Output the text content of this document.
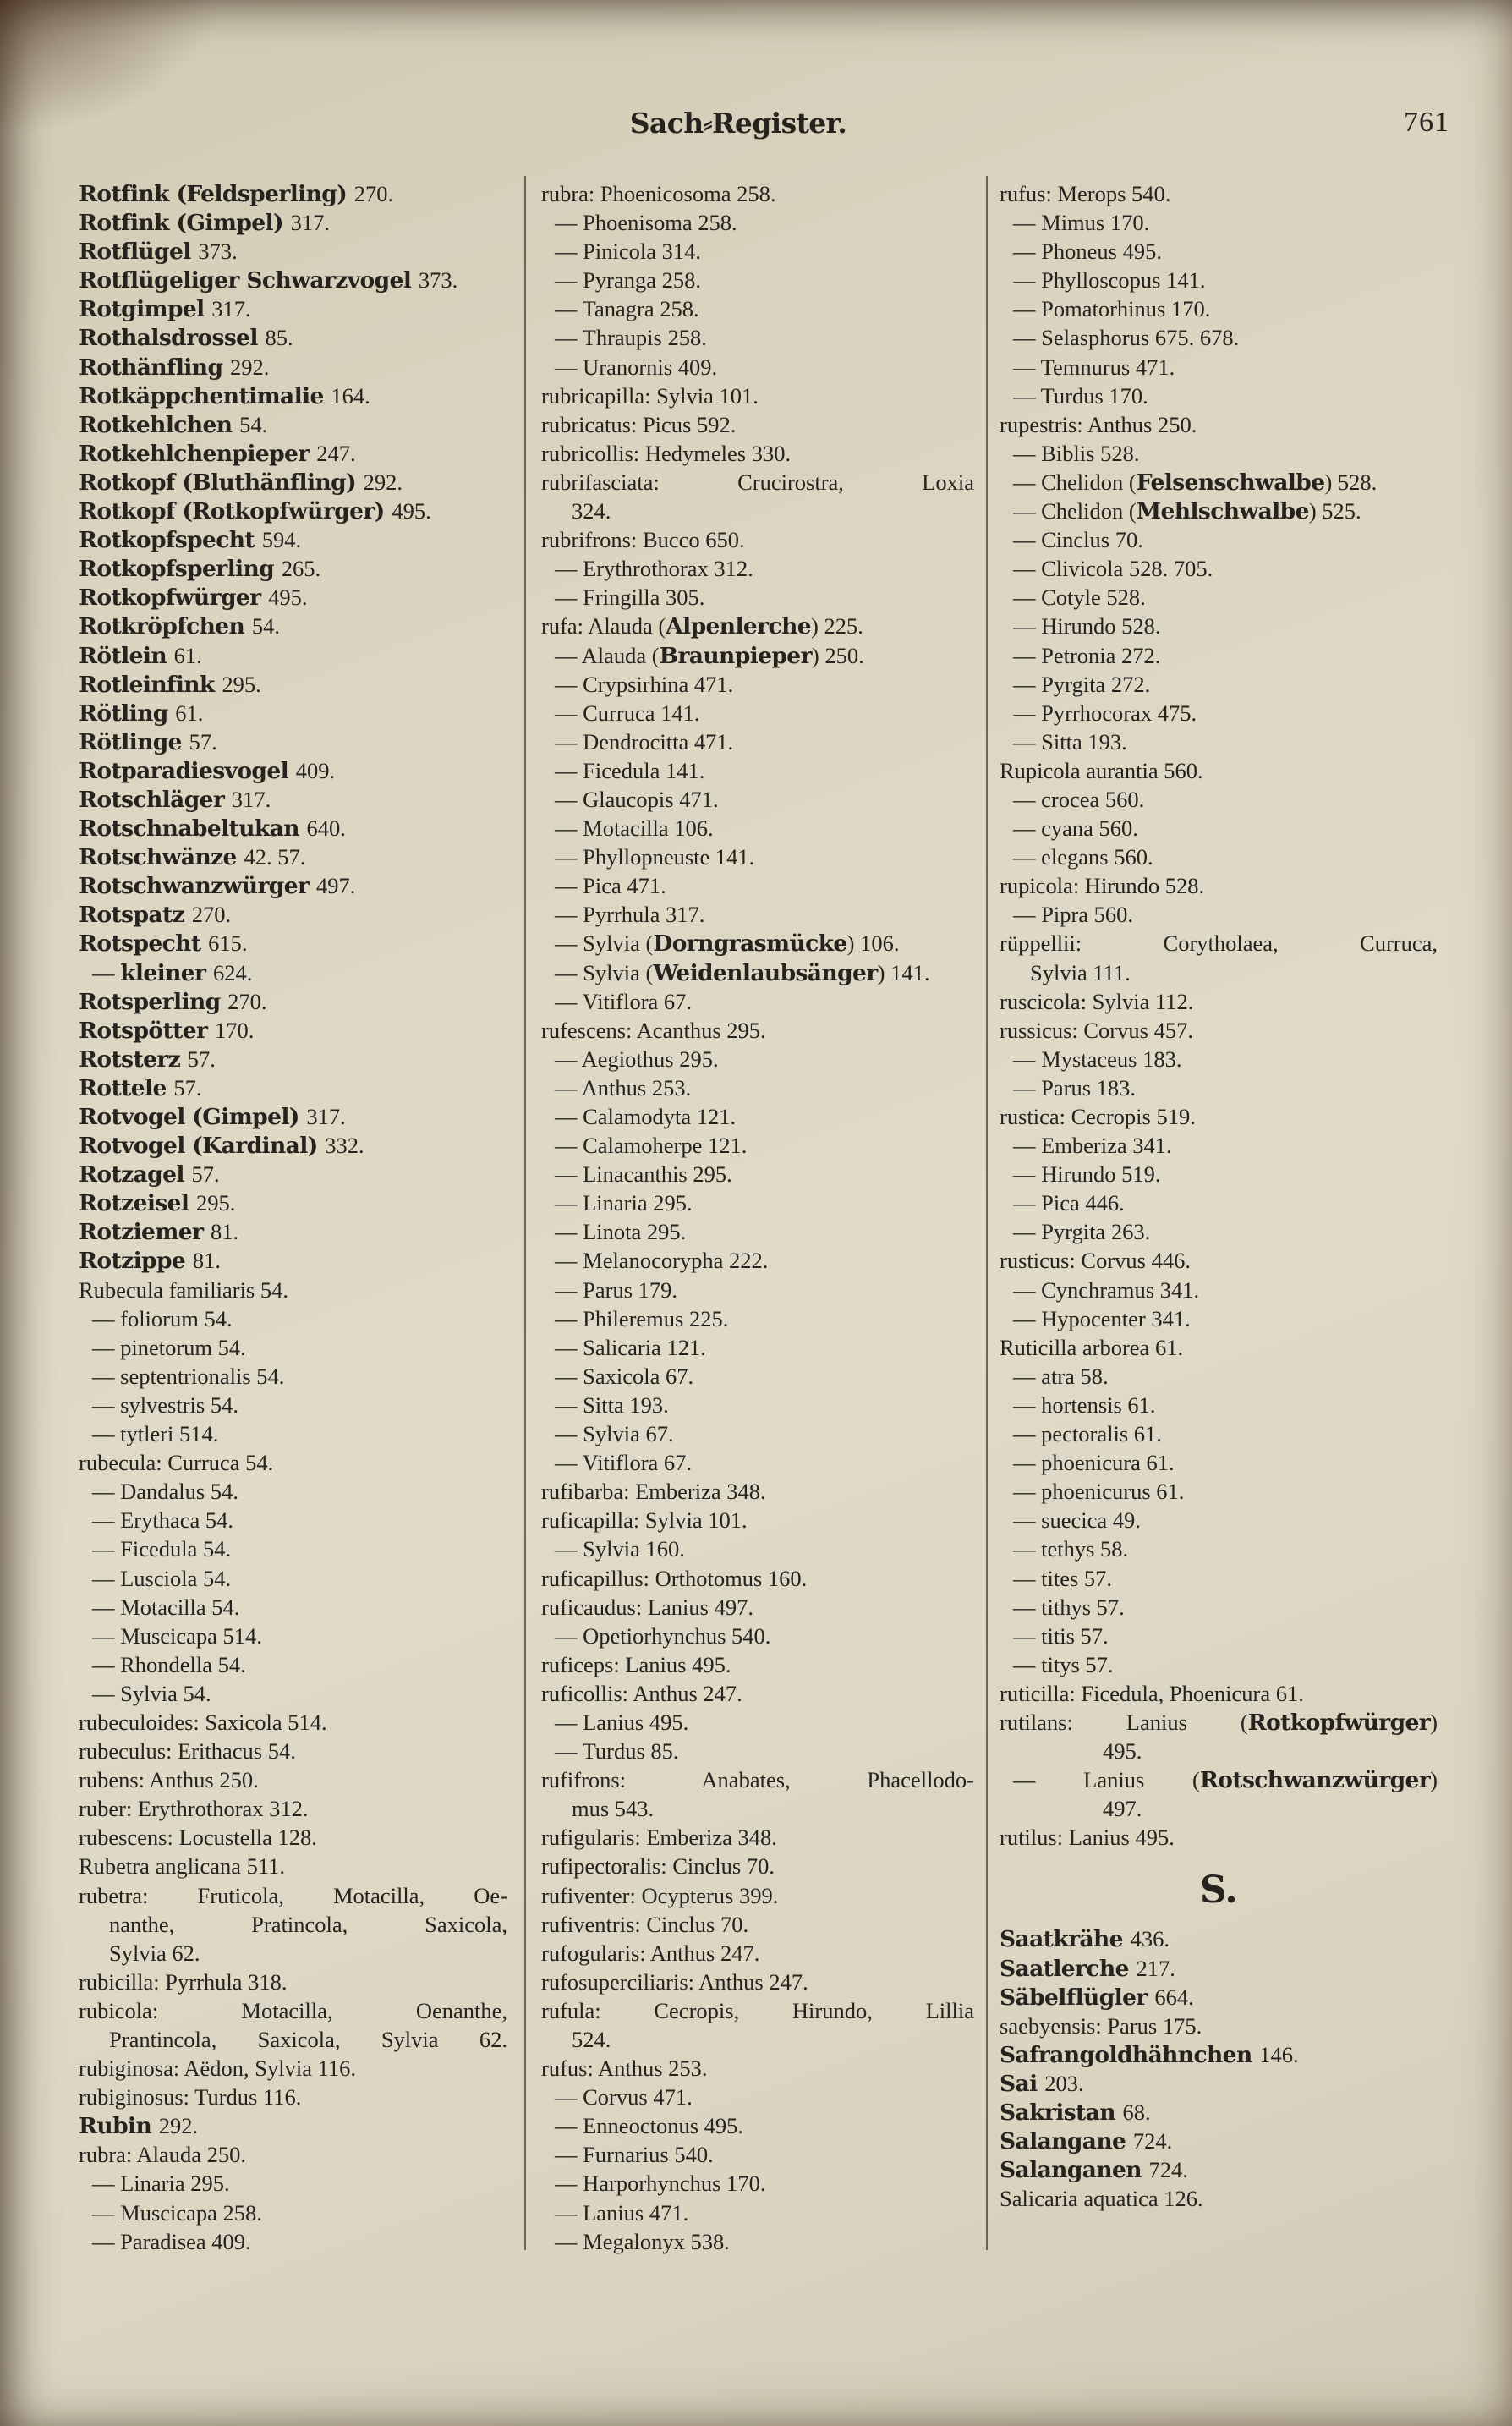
Sach⸗Register.	761
Rotfink (Feldsperling) 270.
Rotfink (Gimpel) 317.
Rotflügel 373.
Rotflügeliger Schwarzvogel 373.
Rotgimpel 317.
Rothalsdrossel 85.
Rothänfling 292.
Rotkäppchentimalie 164.
Rotkehlchen 54.
Rotkehlchenpieper 247.
Rotkopf (Bluthänfling) 292.
Rotkopf (Rotkopfwürger) 495.
Rotkopfspecht 594.
Rotkopfsperling 265.
Rotkopfwürger 495.
Rotkröpfchen 54.
Rötlein 61.
Rotleinfink 295.
Rötling 61.
Rötlinge 57.
Rotparadiesvogel 409.
Rotschläger 317.
Rotschnabeltukan 640.
Rotschwänze 42. 57.
Rotschwanzwürger 497.
Rotspatz 270.
Rotspecht 615.
— kleiner 624.
Rotsperling 270.
Rotspötter 170.
Rotsterz 57.
Rottele 57.
Rotvogel (Gimpel) 317.
Rotvogel (Kardinal) 332.
Rotzagel 57.
Rotzeisel 295.
Rotziemer 81.
Rotzippe 81.
Rubecula familiaris 54.
— foliorum 54.
— pinetorum 54.
— septentrionalis 54.
— sylvestris 54.
— tytleri 514.
rubecula: Curruca 54.
— Dandalus 54.
— Erythaca 54.
— Ficedula 54.
— Lusciola 54.
— Motacilla 54.
— Muscicapa 514.
— Rhondella 54.
— Sylvia 54.
rubeculoides: Saxicola 514.
rubeculus: Erithacus 54.
rubens: Anthus 250.
ruber: Erythrothorax 312.
rubescens: Locustella 128.
Rubetra anglicana 511.
rubetra: Fruticola, Motacilla, Oe-
nanthe, Pratincola, Saxicola,
Sylvia 62.
rubicilla: Pyrrhula 318.
rubicola: Motacilla, Oenanthe,
Prantincola, Saxicola, Sylvia 62.
rubiginosa: Aëdon, Sylvia 116.
rubiginosus: Turdus 116.
Rubin 292.
rubra: Alauda 250.
— Linaria 295.
— Muscicapa 258.
— Paradisea 409.
rubra: Phoenicosoma 258.
— Phoenisoma 258.
— Pinicola 314.
— Pyranga 258.
— Tanagra 258.
— Thraupis 258.
— Uranornis 409.
rubricapilla: Sylvia 101.
rubricatus: Picus 592.
rubricollis: Hedymeles 330.
rubrifasciata: Crucirostra, Loxia
324.
rubrifrons: Bucco 650.
— Erythrothorax 312.
— Fringilla 305.
rufa: Alauda (Alpenlerche) 225.
— Alauda (Braunpieper) 250.
— Crypsirhina 471.
— Curruca 141.
— Dendrocitta 471.
— Ficedula 141.
— Glaucopis 471.
— Motacilla 106.
— Phyllopneuste 141.
— Pica 471.
— Pyrrhula 317.
— Sylvia (Dorngrasmücke) 106.
— Sylvia (Weidenlaubsänger) 141.
— Vitiflora 67.
rufescens: Acanthus 295.
— Aegiothus 295.
— Anthus 253.
— Calamodyta 121.
— Calamoherpe 121.
— Linacanthis 295.
— Linaria 295.
— Linota 295.
— Melanocorypha 222.
— Parus 179.
— Phileremus 225.
— Salicaria 121.
— Saxicola 67.
— Sitta 193.
— Sylvia 67.
— Vitiflora 67.
rufibarba: Emberiza 348.
ruficapilla: Sylvia 101.
— Sylvia 160.
ruficapillus: Orthotomus 160.
ruficaudus: Lanius 497.
— Opetiorhynchus 540.
ruficeps: Lanius 495.
ruficollis: Anthus 247.
— Lanius 495.
— Turdus 85.
rufifrons: Anabates, Phacellodo-
mus 543.
rufigularis: Emberiza 348.
rufipectoralis: Cinclus 70.
rufiventer: Ocypterus 399.
rufiventris: Cinclus 70.
rufogularis: Anthus 247.
rufosuperciliaris: Anthus 247.
rufula: Cecropis, Hirundo, Lillia
524.
rufus: Anthus 253.
— Corvus 471.
— Enneoctonus 495.
— Furnarius 540.
— Harporhynchus 170.
— Lanius 471.
— Megalonyx 538.
rufus: Merops 540.
— Mimus 170.
— Phoneus 495.
— Phylloscopus 141.
— Pomatorhinus 170.
— Selasphorus 675. 678.
— Temnurus 471.
— Turdus 170.
rupestris: Anthus 250.
— Biblis 528.
— Chelidon (Felsenschwalbe) 528.
— Chelidon (Mehlschwalbe) 525.
— Cinclus 70.
— Clivicola 528. 705.
— Cotyle 528.
— Hirundo 528.
— Petronia 272.
— Pyrgita 272.
— Pyrrhocorax 475.
— Sitta 193.
Rupicola aurantia 560.
— crocea 560.
— cyana 560.
— elegans 560.
rupicola: Hirundo 528.
— Pipra 560.
rüppellii: Corytholaea, Curruca,
Sylvia 111.
ruscicola: Sylvia 112.
russicus: Corvus 457.
— Mystaceus 183.
— Parus 183.
rustica: Cecropis 519.
— Emberiza 341.
— Hirundo 519.
— Pica 446.
— Pyrgita 263.
rusticus: Corvus 446.
— Cynchramus 341.
— Hypocenter 341.
Ruticilla arborea 61.
— atra 58.
— hortensis 61.
— pectoralis 61.
— phoenicura 61.
— phoenicurus 61.
— suecica 49.
— tethys 58.
— tites 57.
— tithys 57.
— titis 57.
— titys 57.
ruticilla: Ficedula, Phoenicura 61.
rutilans: Lanius (Rotkopfwürger)
495.
— Lanius (Rotschwanzwürger)
497.
rutilus: Lanius 495.
S.
Saatkrähe 436.
Saatlerche 217.
Säbelflügler 664.
saebyensis: Parus 175.
Safrangoldhähnchen 146.
Sai 203.
Sakristan 68.
Salangane 724.
Salanganen 724.
Salicaria aquatica 126.
